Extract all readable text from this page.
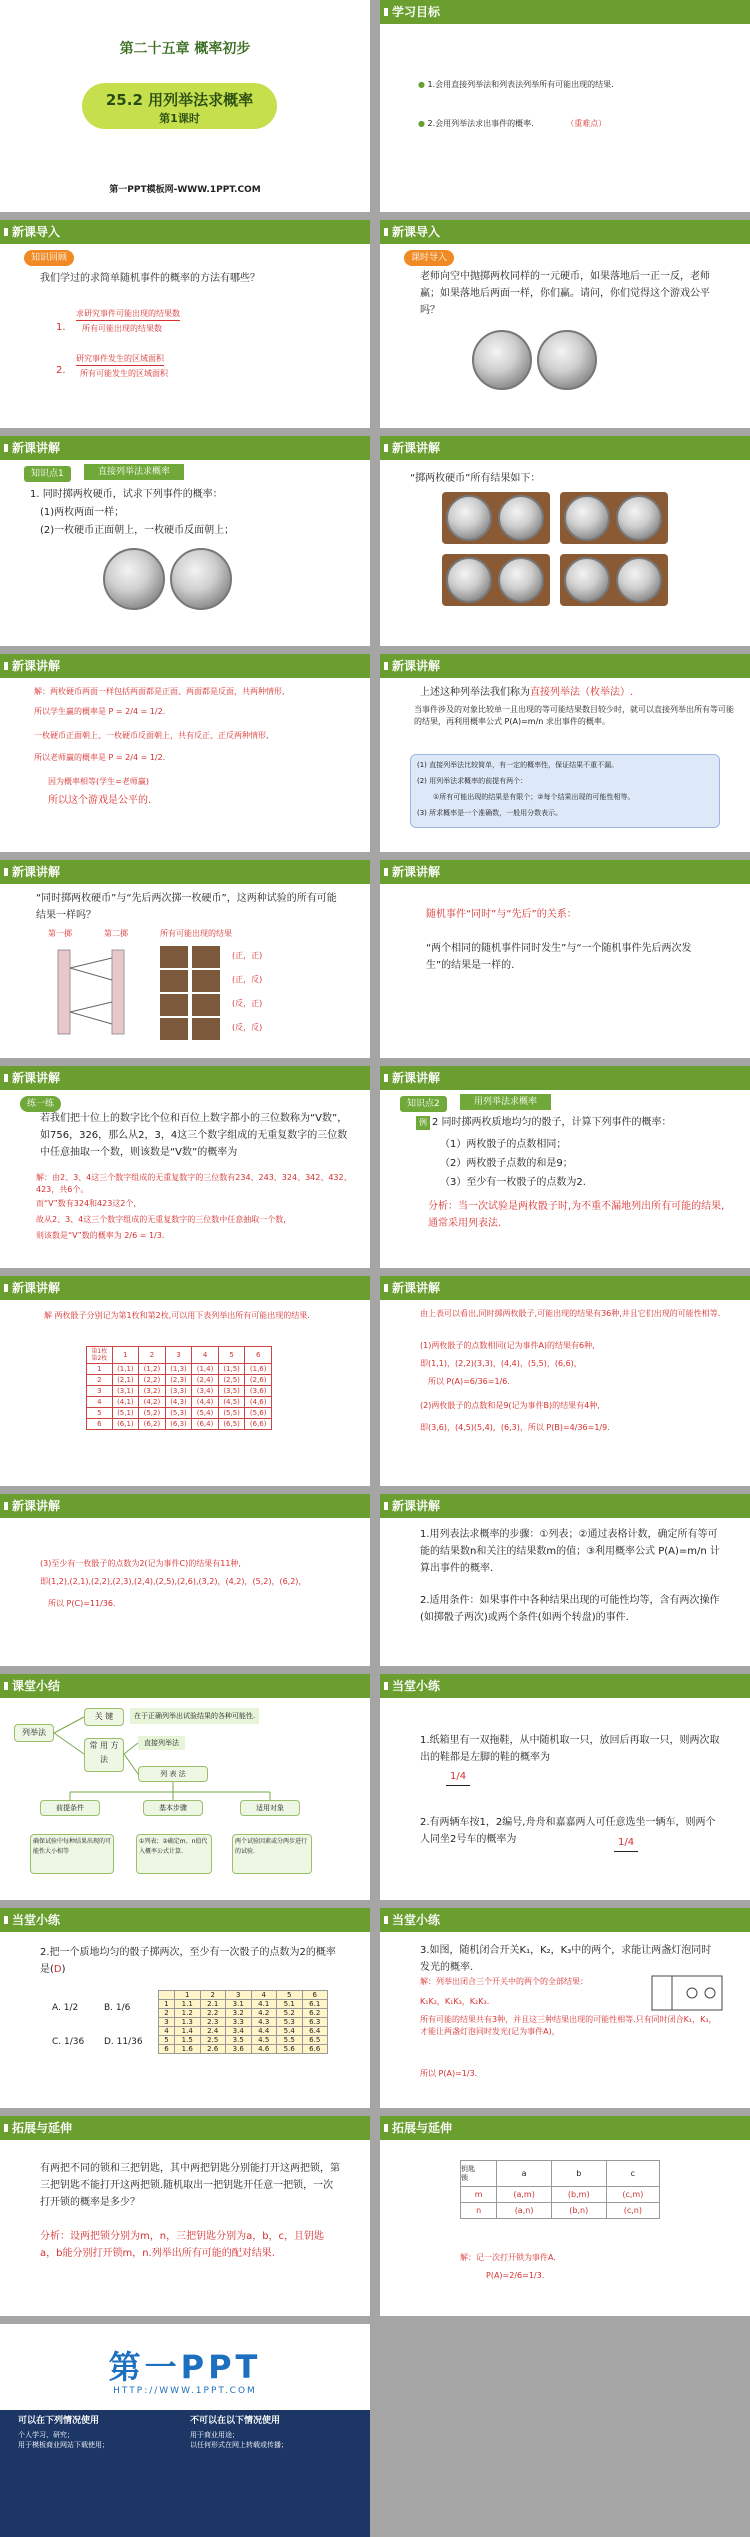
第二十五章 概率初步
25.2 用列举法求概率
第1课时
第一PPT模板网-WWW.1PPT.COM
学习目标
● 1.会用直接列举法和列表法列举所有可能出现的结果.
● 2.会用列举法求出事件的概率.	（重难点）
新课导入
知识回顾
我们学过的求简单随机事件的概率的方法有哪些？
1.
求研究事件可能出现的结果数
所有可能出现的结果数
2.
研究事件发生的区域面积
所有可能发生的区域面积
新课导入
课时导入
老师向空中抛掷两枚同样的一元硬币，如果落地后一正一反，老师赢；如果落地后两面一样，你们赢。请问，你们觉得这个游戏公平吗？
新课讲解
知识点1	直接列举法求概率
1. 同时掷两枚硬币，试求下列事件的概率：
(1)两枚两面一样；
(2)一枚硬币正面朝上，一枚硬币反面朝上；
新课讲解
“掷两枚硬币”所有结果如下：
新课讲解
解：两枚硬币两面一样包括两面都是正面、两面都是反面，共两种情形,
所以学生赢的概率是 P = 2/4 = 1/2.
一枚硬币正面朝上、一枚硬币反面朝上，共有反正、正反两种情形,
所以老师赢的概率是 P = 2/4 = 1/2.
因为概率相等(学生=老师赢)
所以这个游戏是公平的.
新课讲解
上述这种列举法我们称为直接列举法（枚举法）.
当事件涉及的对象比较单一且出现的等可能结果数目较少时，就可以直接列举出所有等可能的结果，再利用概率公式 P(A)=m/n 求出事件的概率。
(1) 直接列举法比较简单，有一定的概率性，保证结果不重不漏。
(2) 用列举法求概率的前提有两个：
①所有可能出现的结果是有限个；②每个结果出现的可能性相等。
(3) 所求概率是一个准确数，一般用分数表示。
新课讲解
“同时掷两枚硬币”与“先后两次掷一枚硬币”，这两种试验的所有可能结果一样吗？
第一掷	第二掷	所有可能出现的结果
(正，正)
(正，反)
(反，正)
(反，反)
新课讲解
随机事件“同时”与“先后”的关系：
“两个相同的随机事件同时发生”与“一个随机事件先后两次发生”的结果是一样的.
新课讲解
练一练
若我们把十位上的数字比个位和百位上数字都小的三位数称为“V数”，如756，326，那么从2，3，4这三个数字组成的无重复数字的三位数中任意抽取一个数，则该数是“V数”的概率为
解：由2、3、4这三个数字组成的无重复数字的三位数有234、243、324、342、432、423，共6个。
而“V”数有324和423这2个，
故从2、3、4这三个数字组成的无重复数字的三位数中任意抽取一个数，
则该数是“V”数的概率为 2/6 = 1/3.
新课讲解
知识点2	用列举法求概率
例 2 同时掷两枚质地均匀的骰子，计算下列事件的概率：
（1）两枚骰子的点数相同；
（2）两枚骰子点数的和是9；
（3）至少有一枚骰子的点数为2.
分析：当一次试验是两枚骰子时,为不重不漏地列出所有可能的结果,通常采用列表法.
新课讲解
解 两枚骰子分别记为第1枚和第2枚,可以用下表列举出所有可能出现的结果.
第1枚
第2枚	1	2	3	4	5	6
1	(1,1)	(1,2)	(1,3)	(1,4)	(1,5)	(1,6)
2	(2,1)	(2,2)	(2,3)	(2,4)	(2,5)	(2,6)
3	(3,1)	(3,2)	(3,3)	(3,4)	(3,5)	(3,6)
4	(4,1)	(4,2)	(4,3)	(4,4)	(4,5)	(4,6)
5	(5,1)	(5,2)	(5,3)	(5,4)	(5,5)	(5,6)
6	(6,1)	(6,2)	(6,3)	(6,4)	(6,5)	(6,6)
新课讲解
由上表可以看出,同时掷两枚骰子,可能出现的结果有36种,并且它们出现的可能性相等.
(1)两枚骰子的点数相同(记为事件A)的结果有6种,
即(1,1)，(2,2)(3,3)，(4,4)，(5,5)，(6,6)，
所以 P(A)=6/36=1/6.
(2)两枚骰子的点数和是9(记为事件B)的结果有4种,
即(3,6)，(4,5)(5,4)，(6,3)，所以 P(B)=4/36=1/9.
新课讲解
(3)至少有一枚骰子的点数为2(记为事件C)的结果有11种,
即(1,2),(2,1),(2,2),(2,3),(2,4),(2,5),(2,6),(3,2)，(4,2)，(5,2)，(6,2)，
所以 P(C)=11/36.
新课讲解
1.用列表法求概率的步骤：①列表；②通过表格计数，确定所有等可能的结果数n和关注的结果数m的值；③利用概率公式 P(A)=m/n 计算出事件的概率.
2.适用条件：如果事件中各种结果出现的可能性均等，含有两次操作(如掷骰子两次)或两个条件(如两个转盘)的事件.
课堂小结
列举法
关 键	在于正确列举出试验结果的各种可能性.
常 用 方 法
直接列举法
列 表 法
前提条件	基本步骤	适用对象
确保试验中每种结果出现的可能性大小相等
①列表；②确定m、n值代入概率公式计算.
两个试验因素或分两步进行的试验.
当堂小练
1.纸箱里有一双拖鞋，从中随机取一只，放回后再取一只，则两次取出的鞋都是左脚的鞋的概率为
1/4
2.有两辆车按1，2编号,舟舟和嘉嘉两人可任意选坐一辆车，则两个人同坐2号车的概率为	1/4
当堂小练
2.把一个质地均匀的骰子掷两次，至少有一次骰子的点数为2的概率是(D)
A. 1/2	B. 1/6
C. 1/36 D. 11/36
	1	2	3	4	5	6
1	1.1	2.1	3.1	4.1	5.1	6.1
2	1.2	2.2	3.2	4.2	5.2	6.2
3	1.3	2.3	3.3	4.3	5.3	6.3
4	1.4	2.4	3.4	4.4	5.4	6.4
5	1.5	2.5	3.5	4.5	5.5	6.5
6	1.6	2.6	3.6	4.6	5.6	6.6
当堂小练
3.如图，随机闭合开关K₁，K₂，K₃中的两个，求能让两盏灯泡同时发光的概率.
解：列举出闭合三个开关中的两个的全部结果：
K₁K₂，K₁K₃，K₂K₃.
所有可能的结果共有3种，并且这三种结果出现的可能性相等.只有同时闭合K₁，K₃，才能让两盏灯泡同时发光(记为事件A)，
所以 P(A)=1/3.
拓展与延伸
有两把不同的锁和三把钥匙，其中两把钥匙分别能打开这两把锁，第三把钥匙不能打开这两把锁.随机取出一把钥匙开任意一把锁，一次打开锁的概率是多少？
分析：设两把锁分别为m，n，三把钥匙分别为a，b，c，且钥匙a，b能分别打开锁m，n.列举出所有可能的配对结果.
拓展与延伸
钥匙
锁	a	b	c
m	(a,m)	(b,m)	(c,m)
n	(a,n)	(b,n)	(c,n)
解：记一次打开锁为事件A.
P(A)=2/6=1/3.
第一PPT
HTTP://WWW.1PPT.COM
可以在下列情况使用
个人学习、研究；
用于模板商业网站下载使用；
不可以在以下情况使用
用于商业用途；
以任何形式在网上转载或传播；
